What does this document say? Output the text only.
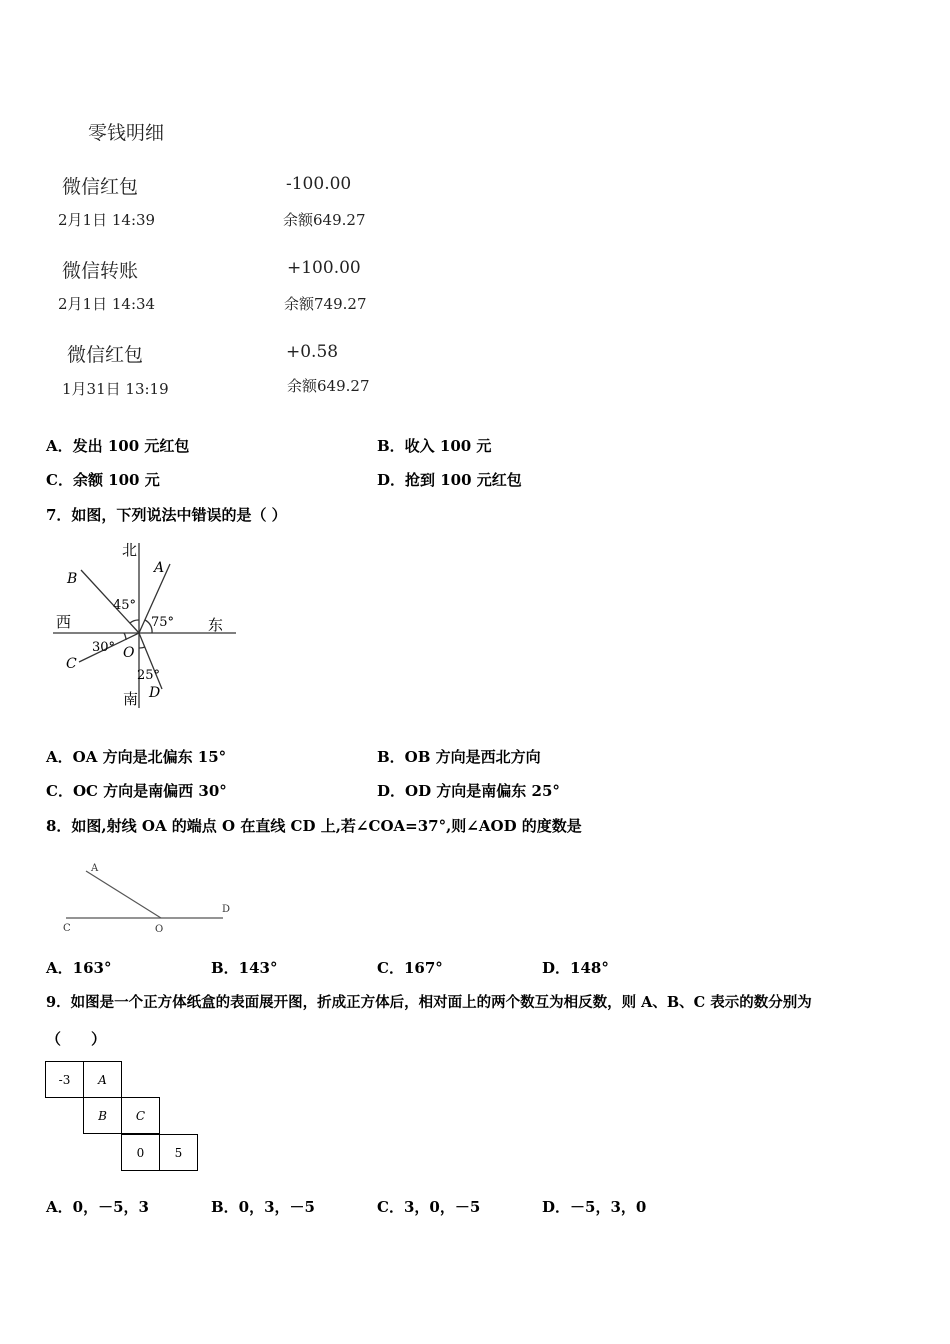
零钱明细
微信红包	-100.00
2月1日 14:39	余额649.27
微信转账	+100.00
2月1日 14:34	余额749.27
微信红包	+0.58
1月31日 13:19	余额649.27
A．发出 100 元红包	B．收入 100 元
C．余额 100 元	D．抢到 100 元红包
7．如图，下列说法中错误的是（ ）
北
南
西	东
A
B
C
D
O
45°
75°
30°
25°
A．OA 方向是北偏东 15°	B．OB 方向是西北方向
C．OC 方向是南偏西 30°	D．OD 方向是南偏东 25°
8．如图,射线 OA 的端点 O 在直线 CD 上,若∠COA=37°,则∠AOD 的度数是
A
C	O
D
A．163°	B．143°	C．167°	D．148°
9．如图是一个正方体纸盒的表面展开图，折成正方体后，相对面上的两个数互为相反数，则 A、B、C 表示的数分别为
（　　）
-3	A
B	C
0	5
A．0，－5，3	B．0，3，－5	C．3，0，－5	D．－5，3，0
